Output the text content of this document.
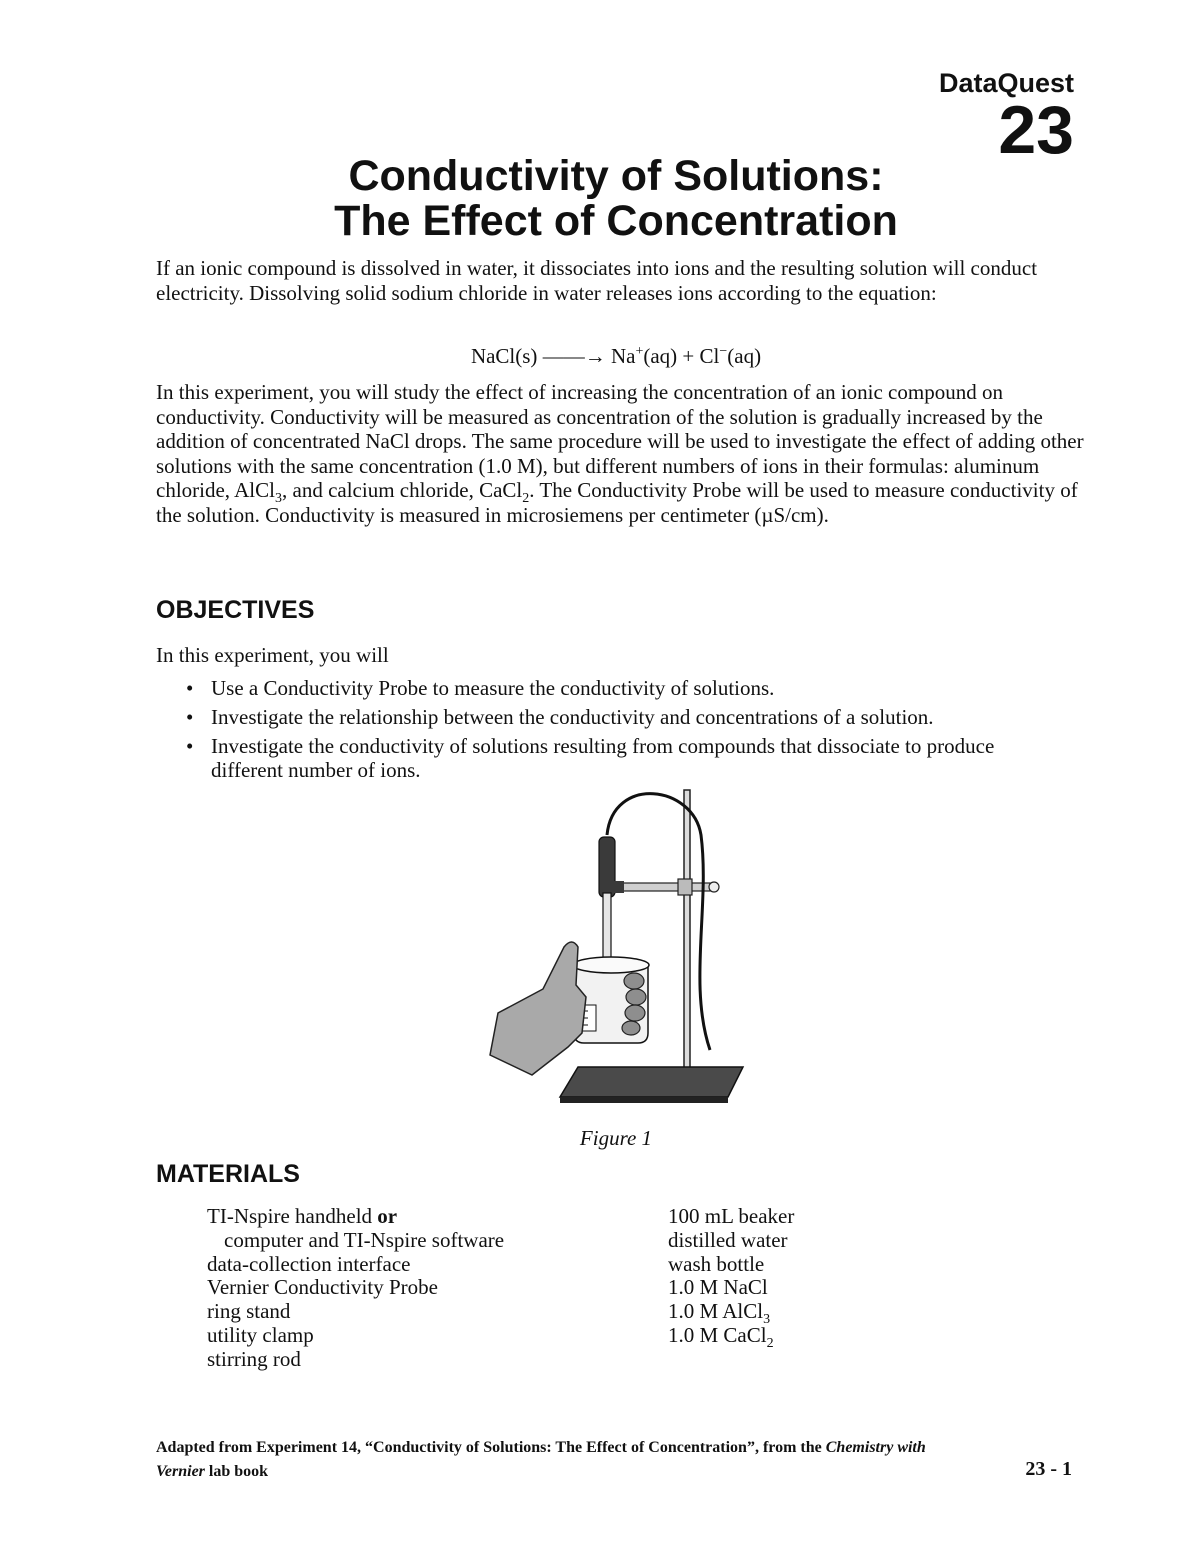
DataQuest
23
Conductivity of Solutions:
The Effect of Concentration

If an ionic compound is dissolved in water, it dissociates into ions and the resulting solution will conduct electricity. Dissolving solid sodium chloride in water releases ions according to the equation:

NaCl(s) ——→ Na+(aq) + Cl−(aq)

In this experiment, you will study the effect of increasing the concentration of an ionic compound on conductivity. Conductivity will be measured as concentration of the solution is gradually increased by the addition of concentrated NaCl drops. The same procedure will be used to investigate the effect of adding other solutions with the same concentration (1.0 M), but different numbers of ions in their formulas: aluminum chloride, AlCl$_3$, and calcium chloride, CaCl$_2$. The Conductivity Probe will be used to measure conductivity of the solution. Conductivity is measured in microsiemens per centimeter (µS/cm).

OBJECTIVES
In this experiment, you will
• Use a Conductivity Probe to measure the conductivity of solutions.
• Investigate the relationship between the conductivity and concentrations of a solution.
• Investigate the conductivity of solutions resulting from compounds that dissociate to produce different number of ions.
Figure 1
MATERIALS
TI-Nspire handheld or
computer and TI-Nspire software
data-collection interface
Vernier Conductivity Probe
ring stand
utility clamp
stirring rod
100 mL beaker
distilled water
wash bottle
1.0 M NaCl
1.0 M AlCl$_3$
1.0 M CaCl$_2$
Adapted from Experiment 14, “Conductivity of Solutions: The Effect of Concentration”, from the Chemistry with
Vernier lab book	23 - 1
